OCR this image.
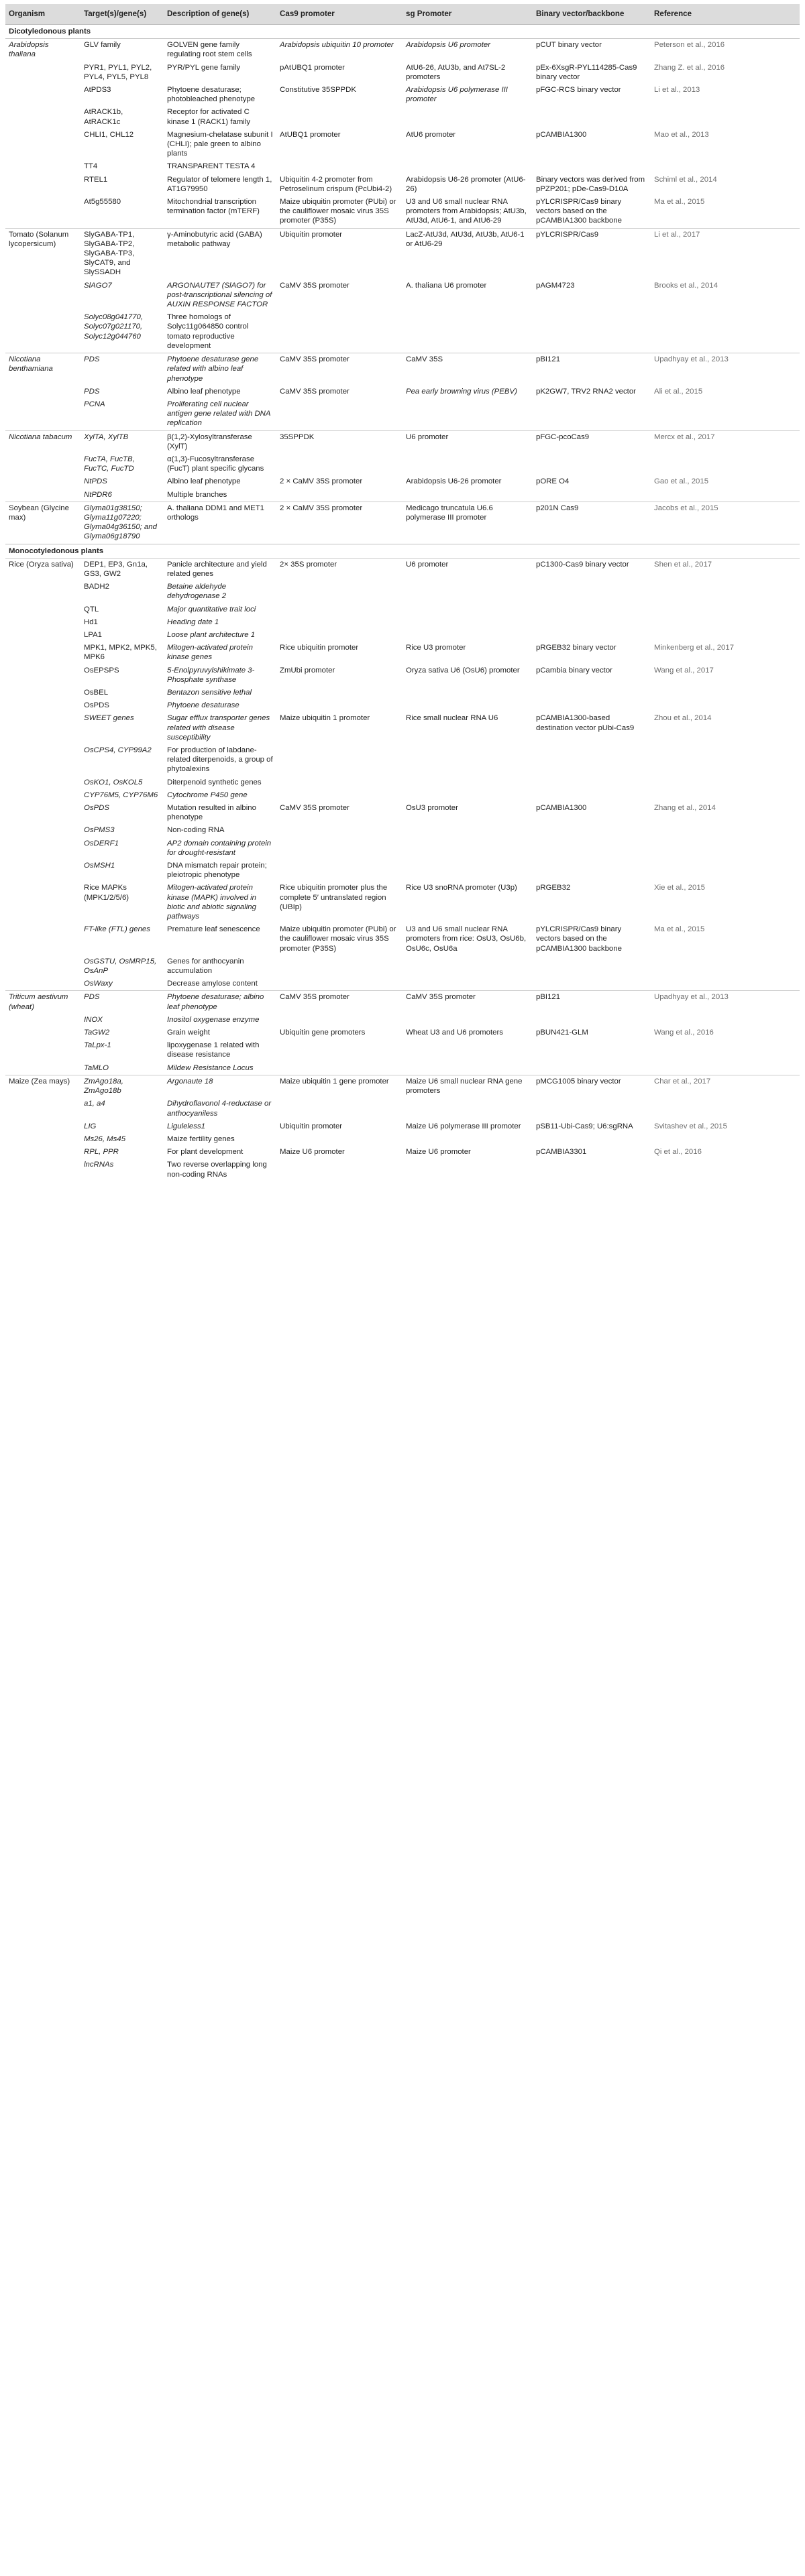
Organism	Target(s)/gene(s)	Description of gene(s)	Cas9 promoter	sg Promoter	Binary vector/backbone	Reference
Dicotyledonous plants						
Arabidopsis thaliana	GLV family	GOLVEN gene family regulating root stem cells	Arabidopsis ubiquitin 10 promoter	Arabidopsis U6 promoter	pCUT binary vector	Peterson et al., 2016
	PYR1, PYL1, PYL2, PYL4, PYL5, PYL8	PYR/PYL gene family	pAtUBQ1 promoter	AtU6-26, AtU3b, and At7SL-2 promoters	pEx-6XsgR-PYL114285-Cas9 binary vector	Zhang Z. et al., 2016
	AtPDS3	Phytoene desaturase; photobleached phenotype	Constitutive 35SPPDK	Arabidopsis U6 polymerase III promoter	pFGC-RCS binary vector	Li et al., 2013
	AtRACK1b, AtRACK1c	Receptor for activated C kinase 1 (RACK1) family				
	CHLI1, CHL12	Magnesium-chelatase subunit I (CHLI); pale green to albino plants	AtUBQ1 promoter	AtU6 promoter	pCAMBIA1300	Mao et al., 2013
	TT4	TRANSPARENT TESTA 4				
	RTEL1	Regulator of telomere length 1, AT1G79950	Ubiquitin 4-2 promoter from Petroselinum crispum (PcUbi4-2)	Arabidopsis U6-26 promoter (AtU6-26)	Binary vectors was derived from pPZP201; pDe-Cas9-D10A	Schiml et al., 2014
	At5g55580	Mitochondrial transcription termination factor (mTERF)	Maize ubiquitin promoter (PUbi) or the cauliflower mosaic virus 35S promoter (P35S)	U3 and U6 small nuclear RNA promoters from Arabidopsis; AtU3b, AtU3d, AtU6-1, and AtU6-29	pYLCRISPR/Cas9 binary vectors based on the pCAMBIA1300 backbone	Ma et al., 2015
Tomato (Solanum lycopersicum)	SlyGABA-TP1, SlyGABA-TP2, SlyGABA-TP3, SlyCAT9, and SlySSADH	γ-Aminobutyric acid (GABA) metabolic pathway	Ubiquitin promoter	LacZ-AtU3d, AtU3d, AtU3b, AtU6-1 or AtU6-29	pYLCRISPR/Cas9	Li et al., 2017
	SlAGO7	ARGONAUTE7 (SlAGO7) for post-transcriptional silencing of AUXIN RESPONSE FACTOR	CaMV 35S promoter	A. thaliana U6 promoter	pAGM4723	Brooks et al., 2014
	Solyc08g041770, Solyc07g021170, Solyc12g044760	Three homologs of Solyc11g064850 control tomato reproductive development				
Nicotiana benthamiana	PDS	Phytoene desaturase gene related with albino leaf phenotype	CaMV 35S promoter	CaMV 35S	pBI121	Upadhyay et al., 2013
	PDS	Albino leaf phenotype	CaMV 35S promoter	Pea early browning virus (PEBV)	pK2GW7, TRV2 RNA2 vector	Ali et al., 2015
	PCNA	Proliferating cell nuclear antigen gene related with DNA replication				
Nicotiana tabacum	XylTA, XylTB	β(1,2)-Xylosyltransferase (XylT)	35SPPDK	U6 promoter	pFGC-pcoCas9	Mercx et al., 2017
	FucTA, FucTB, FucTC, FucTD	α(1,3)-Fucosyltransferase (FucT) plant specific glycans				
	NtPDS	Albino leaf phenotype	2 × CaMV 35S promoter	Arabidopsis U6-26 promoter	pORE O4	Gao et al., 2015
	NtPDR6	Multiple branches				
Soybean (Glycine max)	Glyma01g38150; Glyma11g07220; Glyma04g36150; and Glyma06g18790	A. thaliana DDM1 and MET1 orthologs	2 × CaMV 35S promoter	Medicago truncatula U6.6 polymerase III promoter	p201N Cas9	Jacobs et al., 2015
Monocotyledonous plants						
Rice (Oryza sativa)	DEP1, EP3, Gn1a, GS3, GW2	Panicle architecture and yield related genes	2× 35S promoter	U6 promoter	pC1300-Cas9 binary vector	Shen et al., 2017
	BADH2	Betaine aldehyde dehydrogenase 2				
	QTL	Major quantitative trait loci				
	Hd1	Heading date 1				
	LPA1	Loose plant architecture 1				
	MPK1, MPK2, MPK5, MPK6	Mitogen-activated protein kinase genes	Rice ubiquitin promoter	Rice U3 promoter	pRGEB32 binary vector	Minkenberg et al., 2017
	OsEPSPS	5-Enolpyruvylshikimate 3-Phosphate synthase	ZmUbi promoter	Oryza sativa U6 (OsU6) promoter	pCambia binary vector	Wang et al., 2017
	OsBEL	Bentazon sensitive lethal				
	OsPDS	Phytoene desaturase				
	SWEET genes	Sugar efflux transporter genes related with disease susceptibility	Maize ubiquitin 1 promoter	Rice small nuclear RNA U6	pCAMBIA1300-based destination vector pUbi-Cas9	Zhou et al., 2014
	OsCPS4, CYP99A2	For production of labdane-related diterpenoids, a group of phytoalexins				
	OsKO1, OsKOL5	Diterpenoid synthetic genes				
	CYP76M5, CYP76M6	Cytochrome P450 gene				
	OsPDS	Mutation resulted in albino phenotype	CaMV 35S promoter	OsU3 promoter	pCAMBIA1300	Zhang et al., 2014
	OsPMS3	Non-coding RNA				
	OsDERF1	AP2 domain containing protein for drought-resistant				
	OsMSH1	DNA mismatch repair protein; pleiotropic phenotype				
	Rice MAPKs (MPK1/2/5/6)	Mitogen-activated protein kinase (MAPK) involved in biotic and abiotic signaling pathways	Rice ubiquitin promoter plus the complete 5′ untranslated region (UBIp)	Rice U3 snoRNA promoter (U3p)	pRGEB32	Xie et al., 2015
	FT-like (FTL) genes	Premature leaf senescence	Maize ubiquitin promoter (PUbi) or the cauliflower mosaic virus 35S promoter (P35S)	U3 and U6 small nuclear RNA promoters from rice: OsU3, OsU6b, OsU6c, OsU6a	pYLCRISPR/Cas9 binary vectors based on the pCAMBIA1300 backbone	Ma et al., 2015
	OsGSTU, OsMRP15, OsAnP	Genes for anthocyanin accumulation				
	OsWaxy	Decrease amylose content				
Triticum aestivum (wheat)	PDS	Phytoene desaturase; albino leaf phenotype	CaMV 35S promoter	CaMV 35S promoter	pBI121	Upadhyay et al., 2013
	INOX	Inositol oxygenase enzyme				
	TaGW2	Grain weight	Ubiquitin gene promoters	Wheat U3 and U6 promoters	pBUN421-GLM	Wang et al., 2016
	TaLpx-1	lipoxygenase 1 related with disease resistance				
	TaMLO	Mildew Resistance Locus				
Maize (Zea mays)	ZmAgo18a, ZmAgo18b	Argonaute 18	Maize ubiquitin 1 gene promoter	Maize U6 small nuclear RNA gene promoters	pMCG1005 binary vector	Char et al., 2017
	a1, a4	Dihydroflavonol 4-reductase or anthocyaniless				
	LIG	Liguleless1	Ubiquitin promoter	Maize U6 polymerase III promoter	pSB11-Ubi-Cas9; U6:sgRNA	Svitashev et al., 2015
	Ms26, Ms45	Maize fertility genes				
	RPL, PPR	For plant development	Maize U6 promoter	Maize U6 promoter	pCAMBIA3301	Qi et al., 2016
	lncRNAs	Two reverse overlapping long non-coding RNAs				
